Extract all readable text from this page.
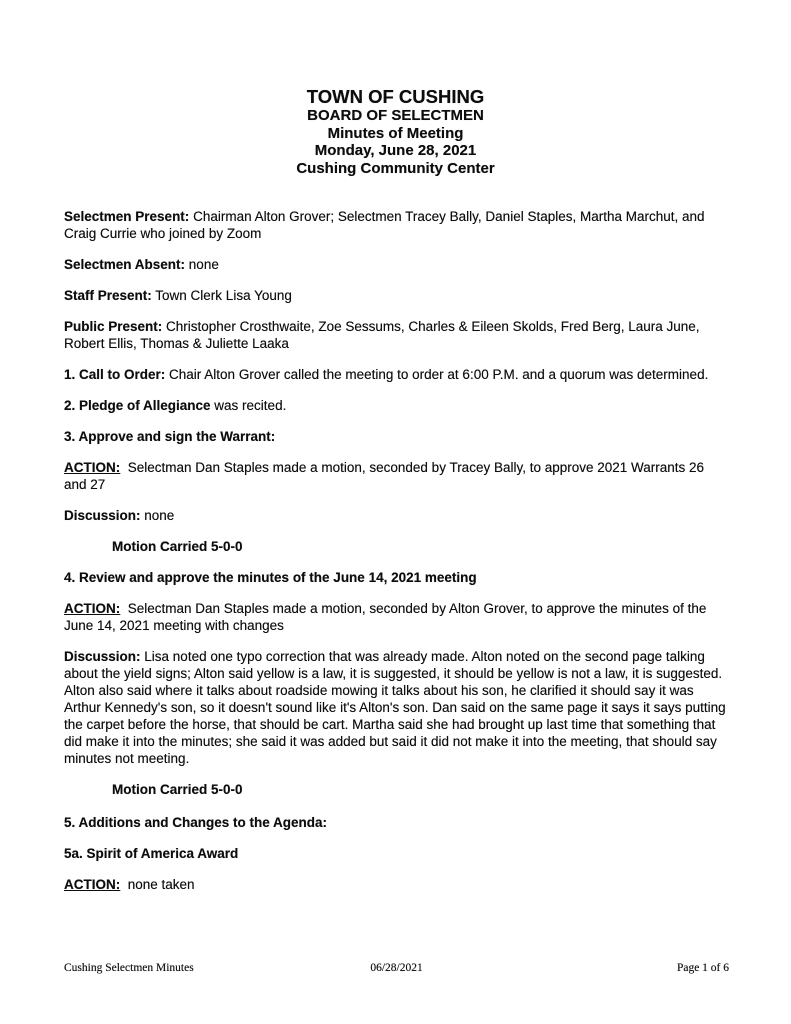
TOWN OF CUSHING
BOARD OF SELECTMEN
Minutes of Meeting
Monday, June 28, 2021
Cushing Community Center

Selectmen Present: Chairman Alton Grover; Selectmen Tracey Bally, Daniel Staples, Martha Marchut, and Craig Currie who joined by Zoom

Selectmen Absent: none

Staff Present: Town Clerk Lisa Young

Public Present: Christopher Crosthwaite, Zoe Sessums, Charles & Eileen Skolds, Fred Berg, Laura June, Robert Ellis, Thomas & Juliette Laaka

1. Call to Order: Chair Alton Grover called the meeting to order at 6:00 P.M. and a quorum was determined.

2. Pledge of Allegiance was recited.

3. Approve and sign the Warrant:

ACTION:  Selectman Dan Staples made a motion, seconded by Tracey Bally, to approve 2021 Warrants 26 and 27

Discussion: none

Motion Carried 5-0-0

4. Review and approve the minutes of the June 14, 2021 meeting

ACTION:  Selectman Dan Staples made a motion, seconded by Alton Grover, to approve the minutes of the June 14, 2021 meeting with changes

Discussion: Lisa noted one typo correction that was already made. Alton noted on the second page talking about the yield signs; Alton said yellow is a law, it is suggested, it should be yellow is not a law, it is suggested. Alton also said where it talks about roadside mowing it talks about his son, he clarified it should say it was Arthur Kennedy's son, so it doesn't sound like it's Alton's son. Dan said on the same page it says it says putting the carpet before the horse, that should be cart. Martha said she had brought up last time that something that did make it into the minutes; she said it was added but said it did not make it into the meeting, that should say minutes not meeting.

Motion Carried 5-0-0

5. Additions and Changes to the Agenda:

5a. Spirit of America Award

ACTION:  none taken

Cushing Selectmen Minutes	06/28/2021	Page 1 of 6
